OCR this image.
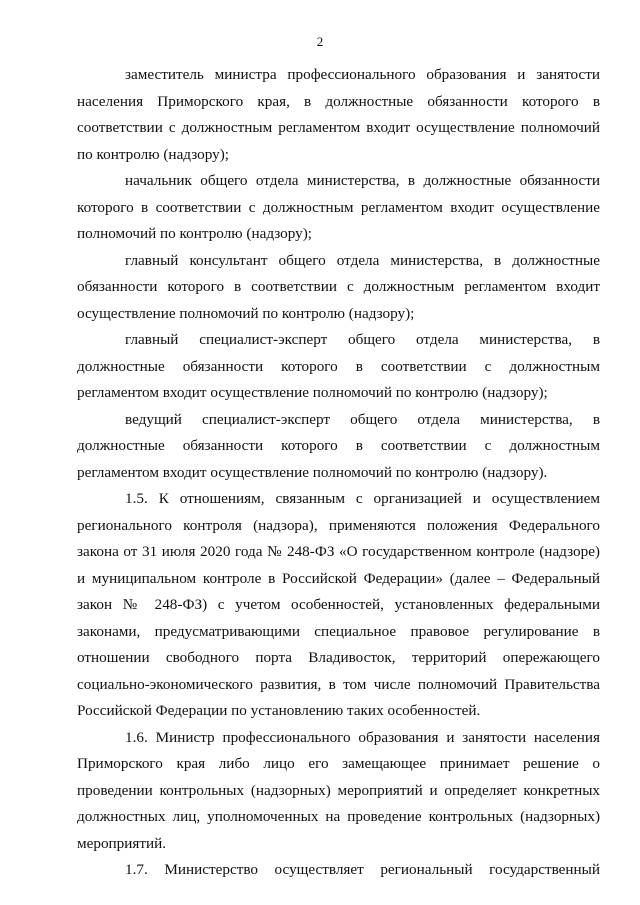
2

заместитель министра профессионального образования и занятости населения Приморского края, в должностные обязанности которого в соответствии с должностным регламентом входит осуществление полномочий по контролю (надзору);

начальник общего отдела министерства, в должностные обязанности которого в соответствии с должностным регламентом входит осуществление полномочий по контролю (надзору);

главный консультант общего отдела министерства, в должностные обязанности которого в соответствии с должностным регламентом входит осуществление полномочий по контролю (надзору);

главный специалист-эксперт общего отдела министерства, в должностные обязанности которого в соответствии с должностным регламентом входит осуществление полномочий по контролю (надзору);

ведущий специалист-эксперт общего отдела министерства, в должностные обязанности которого в соответствии с должностным регламентом входит осуществление полномочий по контролю (надзору).

1.5. К отношениям, связанным с организацией и осуществлением регионального контроля (надзора), применяются положения Федерального закона от 31 июля 2020 года № 248-ФЗ «О государственном контроле (надзоре) и муниципальном контроле в Российской Федерации» (далее – Федеральный закон № 248-ФЗ) с учетом особенностей, установленных федеральными законами, предусматривающими специальное правовое регулирование в отношении свободного порта Владивосток, территорий опережающего социально-экономического развития, в том числе полномочий Правительства Российской Федерации по установлению таких особенностей.

1.6. Министр профессионального образования и занятости населения Приморского края либо лицо его замещающее принимает решение о проведении контрольных (надзорных) мероприятий и определяет конкретных должностных лиц, уполномоченных на проведение контрольных (надзорных) мероприятий.

1.7. Министерство осуществляет региональный государственный
